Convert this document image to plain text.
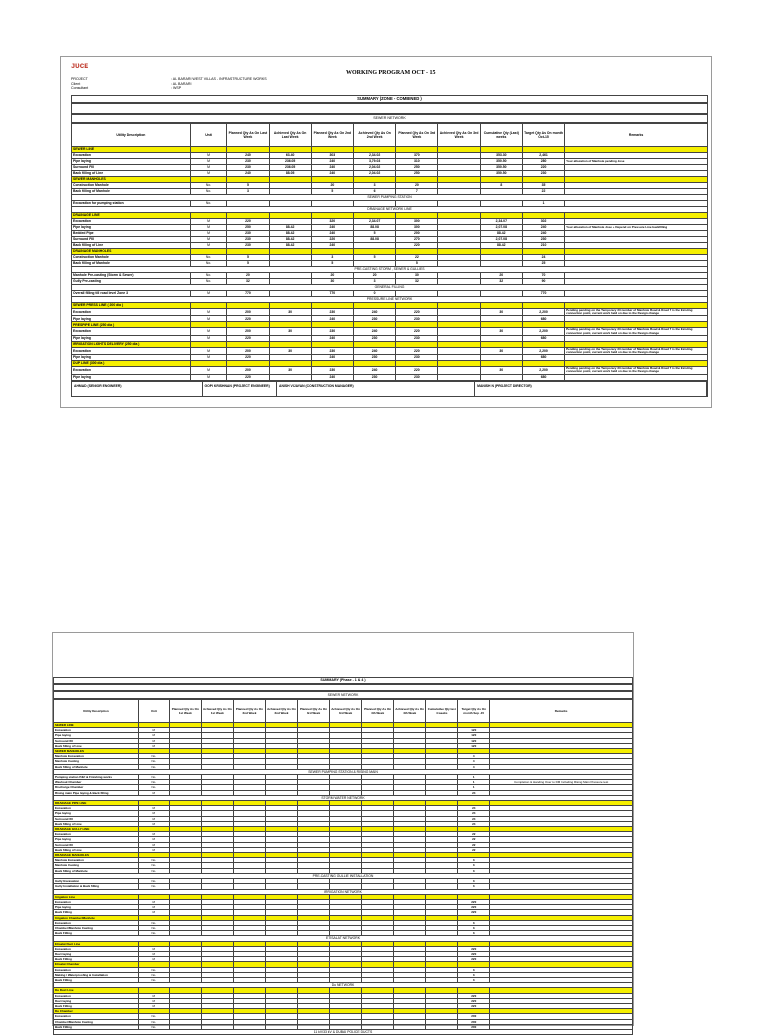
ᴊᴜᴄᴇ
WORKING PROGRAM OCT - 15
PROJECT	: AL BARARI WEST VILLAS - INFRASTRUCTURE WORKS
Client	: AL BARARI
Consultant	: WSP
SUMMARY (ZONE - COMBINED )
SEWER NETWORK
Utility Description	Unit	Planned Qty As On Last Week	Achieved Qty As On Last Week	Planned Qty As On 2nd Week	Achieved Qty As On 2nd Week	Planned Qty As On 3rd Week	Achieved Qty As On 3rd Week	Cumulative Qty (Last) weeks	Target Qty As On month Oct-15	Remarks
SEWER LINE										
Excavation	M	240	63.40	303	2,34.02	370		353.30	2,461	
Pipe laying	M	230	236.05	240	3,79.03	310		350.50	280	Your allocation of Manhole pending Jose
Surround Fill	M	230	236.05	240	2,04.02	250		350.50	220	
Back filling of Line	M	240	88.05	240	2,04.02	250		350.50	230	
SEWER MANHOLES										
Construction Manhole	No.	5		20	3	20		8	35	
Back filling of Manhole	No.	3		5	6	7			22	
SEWER PUMPING STATION										
Excavation for pumping station	No.								1	
DRAINAGE NETWORK LINE										
DRAINAGE LINE										
Excavation	M	220		320	2,34.07	300		2,34.07	302	
Pipe laying	M	250	88.42	240	88.08	300		2,07.08	240	Your allocation of Manhole Jose + Depend on Pressure Line backfilling
Bedded Pipe	M	230	88.42	240	5	200		88.42	240	
Surround Fill	M	230	88.42	220	88.08	270		2,07.08	230	
Back filling of Line	M	230	88.42	240		220		88.42	210	
DRAINAGE MANHOLES										
Construction Manhole	No.	5		3	5	22			24	
Back filling of Manhole	No.	5		5		5			25	
PRE-CASTING STORM , SEWER & GULLIES										
Manhole Pre-casting (Storm & Sewer)	No.	20		20	20	30		20	70	
Gully Pre-casting	No.	32		30	3	32		32	90	
GENERAL FILLING										
Overall filling till road level Zone 3	M	770		770	0				770	
PRESSURE LINE NETWORK										
SEWER PRESS LINE ( 200 dia )										
Excavation	M	200	30	230	240	220		30	2,200	Pending pending on the Temporary 33 number of Manhole Road & Road 7 is the Existing connection point, current work held on due to the Design change
Pipe laying	M	220		240	230	230			680	
PRESPIPE LINE (250 dia )										
Excavation	M	200	30	230	240	220		30	2,200	Pending pending on the Temporary 33 number of Manhole Road & Road 7 is the Existing connection point, current work held on due to the Design change
Pipe laying	M	220		240	230	230			680	
IRRIGATION LIGHTS DELIVERY (250 dia )										
Excavation	M	200	30	230	240	220		30	2,200	Pending pending on the Temporary 33 number of Manhole Road & Road 7 is the Existing connection point, current work held on due to the Design change
Pipe laying	M	220		240	230	230			680	
DUP LINE (300 dia )										
Excavation	M	200	30	230	240	220		30	2,200	Pending pending on the Temporary 33 number of Manhole Road & Road 7 is the Existing connection point, current work held on due to the Design change
Pipe laying	M	220		240	230	230			680	
AHMAD (SENIOR ENGINEER)	GOPI KRISHNAN (PROJECT ENGINEER)	ANISH VIJAYAN (CONSTRUCTION MANAGER)	MANISH N (PROJECT DIRECTOR)
SUMMARY (Phase - 1 & 4 )
SEWER NETWORK
Utility Description	Unit	Planned Qty As On 1st Week	Achieved Qty As On 1st Week	Planned Qty As On 2nd Week	Achieved Qty As On 2nd Week	Planned Qty As On 3rd Week	Achieved Qty As On 3rd Week	Planned Qty As On 4th Week	Achieved Qty As On 4th Week	Cumulative Qty last 4 weeks	Target Qty As On month Sep -15	Remarks
SEWER LINE												
Excavation	M										120	
Pipe laying	M										120	
Surround fill	M										120	
Back filling of Line	M										120	
SEWER MANHOLES												
Manhole Excavation	No.										4	
Manhole Casting	No.										4	
Back filling of Manhole	No.										4	
SEWER PUMPING STATION & RISING MAIN												
Pumping station P&F & Finishing works	No.										1	
Washout Chamber	No.										1	Completion & Handing Over to DM Including Rising Main Pressure test
Discharge Chamber	No.										1	
Rising main Pipe laying & Back filling	M										24	
STORM WATER NETWORK												
DRAINAGE PIPE LINE												
Excavation	M										24	
Pipe laying	M										24	
Surround fill	M										24	
Back filling of Line	M										24	
DRAINAGE GULLY LINE												
Excavation	M										22	
Pipe laying	M										22	
Surround fill	M										22	
Back filling of Line	M										22	
DRAINAGE MANHOLES												
Manhole Excavation	No.										3	
Manhole Casting	No.										3	
Back filling of Manhole	No.										3	
PRE-CASTING GULLIE INSTALLATION												
Gully Excavation	No.										3	
Gully Installation & Back filling	No.										3	
IRRIGATION NETWORK												
Irrigation Line												
Excavation	M										220	
Pipe laying	M										220	
Back Filling	M										220	
Irrigation Chamber/Manhole												
Excavation	No.										3	
Chamber/Manhole Casting	No.										3	
Back Filling	No.										3	
ETISALAT NETWORK												
Etisalat Duct Line												
Excavation	M										220	
Duct laying	M										220	
Back Filling	M										220	
Etisalat Chamber												
Excavation	No.										3	
Making / Waterproofing & Installation	No.										3	
Back Filling	No.										3	
Du NETWORK												
Du Duct Line												
Excavation	M										220	
Duct laying	M										220	
Back Filling	M										220	
Du Chamber												
Excavation	No.										200	
Chamber/Manhole Casting	No.										200	
Back Filling	No.										200	
11 kV/33 kV & DUBAI POLICE DUCTS												
